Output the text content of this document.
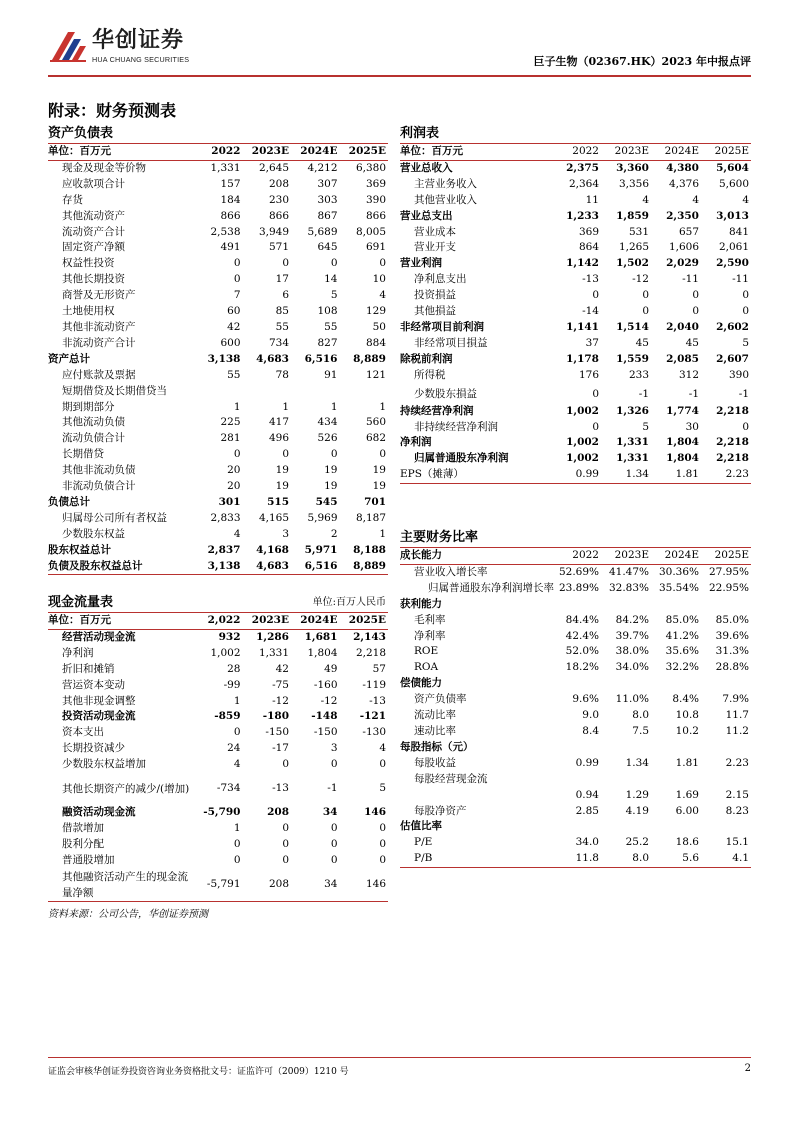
华创证券
HUA CHUANG SECURITIES	巨子生物（02367.HK）2023 年中报点评
附录：财务预测表
资产负债表
单位：百万元	2022	2023E	2024E	2025E
现金及现金等价物	1,331	2,645	4,212	6,380
应收款项合计	157	208	307	369
存货	184	230	303	390
其他流动资产	866	866	867	866
流动资产合计	2,538	3,949	5,689	8,005
固定资产净额	491	571	645	691
权益性投资	0	0	0	0
其他长期投资	0	17	14	10
商誉及无形资产	7	6	5	4
土地使用权	60	85	108	129
其他非流动资产	42	55	55	50
非流动资产合计	600	734	827	884
资产总计	3,138	4,683	6,516	8,889
应付账款及票据	55	78	91	121
短期借贷及长期借贷当				
期到期部分	1	1	1	1
其他流动负债	225	417	434	560
流动负债合计	281	496	526	682
长期借贷	0	0	0	0
其他非流动负债	20	19	19	19
非流动负债合计	20	19	19	19
负债总计	301	515	545	701
归属母公司所有者权益	2,833	4,165	5,969	8,187
少数股东权益	4	3	2	1
股东权益总计	2,837	4,168	5,971	8,188
负债及股东权益总计	3,138	4,683	6,516	8,889
利润表
单位：百万元	2022	2023E	2024E	2025E
营业总收入	2,375	3,360	4,380	5,604
主营业务收入	2,364	3,356	4,376	5,600
其他营业收入	11	4	4	4
营业总支出	1,233	1,859	2,350	3,013
营业成本	369	531	657	841
营业开支	864	1,265	1,606	2,061
营业利润	1,142	1,502	2,029	2,590
净利息支出	-13	-12	-11	-11
投资損益	0	0	0	0
其他損益	-14	0	0	0
非经常项目前利润	1,141	1,514	2,040	2,602
非经常项目損益	37	45	45	5
除税前利润	1,178	1,559	2,085	2,607
所得税	176	233	312	390
少数股东損益	0	-1	-1	-1
持续经营净利润	1,002	1,326	1,774	2,218
非持续经营净利润	0	5	30	0
净利润	1,002	1,331	1,804	2,218
归属普通股东净利润	1,002	1,331	1,804	2,218
EPS（摊薄）	0.99	1.34	1.81	2.23
现金流量表	单位:百万人民币
单位：百万元	2,022	2023E	2024E	2025E
经营活动现金流	932	1,286	1,681	2,143
净利润	1,002	1,331	1,804	2,218
折旧和摊销	28	42	49	57
营运资本变动	-99	-75	-160	-119
其他非现金调整	1	-12	-12	-13
投资活动现金流	-859	-180	-148	-121
资本支出	0	-150	-150	-130
长期投资减少	24	-17	3	4
少数股东权益增加	4	0	0	0
其他长期资产的减少/(增加)	-734	-13	-1	5
融资活动现金流	-5,790	208	34	146
借款增加	1	0	0	0
股利分配	0	0	0	0
普通股增加	0	0	0	0
其他融资活动产生的现金流量净额	-5,791	208	34	146
主要财务比率
成长能力	2022	2023E	2024E	2025E
营业收入增长率	52.69%	41.47%	30.36%	27.95%
归属普通股东净利润增长率	23.89%	32.83%	35.54%	22.95%
获利能力				
毛利率	84.4%	84.2%	85.0%	85.0%
净利率	42.4%	39.7%	41.2%	39.6%
ROE	52.0%	38.0%	35.6%	31.3%
ROA	18.2%	34.0%	32.2%	28.8%
偿债能力				
资产负债率	9.6%	11.0%	8.4%	7.9%
流动比率	9.0	8.0	10.8	11.7
速动比率	8.4	7.5	10.2	11.2
每股指标（元）				
每股收益	0.99	1.34	1.81	2.23
每股经营现金流				
	0.94	1.29	1.69	2.15
每股净资产	2.85	4.19	6.00	8.23
估值比率				
P/E	34.0	25.2	18.6	15.1
P/B	11.8	8.0	5.6	4.1
资料来源：公司公告，华创证券预测
证监会审核华创证券投资咨询业务资格批文号：证监许可（2009）1210 号	2
